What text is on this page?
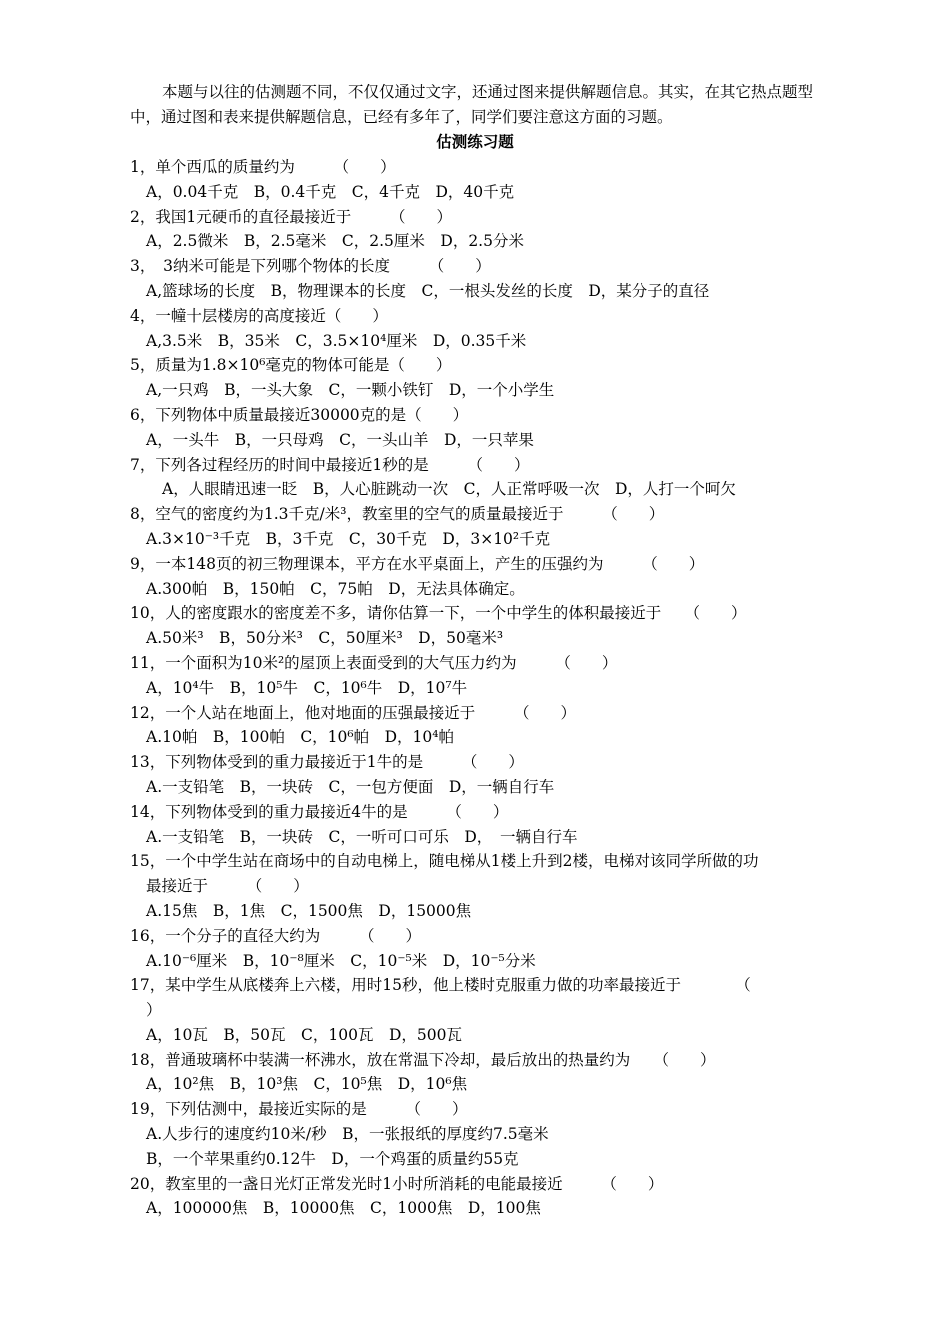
本题与以往的估测题不同，不仅仅通过文字，还通过图来提供解题信息。其实，在其它热点题型中，通过图和表来提供解题信息，已经有多年了，同学们要注意这方面的习题。
估测练习题
1，单个西瓜的质量约为　　　（　　）
A，0.04千克　B，0.4千克　C，4千克　D，40千克
2，我国1元硬币的直径最接近于　　　（　　）
A，2.5微米　B，2.5毫米　C，2.5厘米　D，2.5分米
3，　3纳米可能是下列哪个物体的长度　　　（　　）
A,篮球场的长度　B，物理课本的长度　C，一根头发丝的长度　D，某分子的直径
4，一幢十层楼房的高度接近（　　）
A,3.5米　B，35米　C，3.5×10⁴厘米　D，0.35千米
5，质量为1.8×10⁶毫克的物体可能是（　　）
A,一只鸡　B，一头大象　C，一颗小铁钉　D，一个小学生
6，下列物体中质量最接近30000克的是（　　）
A，一头牛　B，一只母鸡　C，一头山羊　D，一只苹果
7，下列各过程经历的时间中最接近1秒的是　　　（　　）
A，人眼睛迅速一眨　B，人心脏跳动一次　C，人正常呼吸一次　D，人打一个呵欠
8，空气的密度约为1.3千克/米³，教室里的空气的质量最接近于　　　（　　）
A.3×10⁻³千克　B，3千克　C，30千克　D，3×10²千克
9，一本148页的初三物理课本，平方在水平桌面上，产生的压强约为　　　（　　）
A.300帕　B，150帕　C，75帕　D，无法具体确定。
10，人的密度跟水的密度差不多，请你估算一下，一个中学生的体积最接近于　　（　　）
A.50米³　B，50分米³　C，50厘米³　D，50毫米³
11，一个面积为10米²的屋顶上表面受到的大气压力约为　　　（　　）
A，10⁴牛　B，10⁵牛　C，10⁶牛　D，10⁷牛
12，一个人站在地面上，他对地面的压强最接近于　　　（　　）
A.10帕　B，100帕　C，10⁶帕　D，10⁴帕
13，下列物体受到的重力最接近于1牛的是　　　（　　）
A.一支铅笔　B，一块砖　C，一包方便面　D，一辆自行车
14，下列物体受到的重力最接近4牛的是　　　（　　）
A.一支铅笔　B，一块砖　C，一听可口可乐　D，　一辆自行车
15，一个中学生站在商场中的自动电梯上，随电梯从1楼上升到2楼，电梯对该同学所做的功
最接近于　　　（　　）
A.15焦　B，1焦　C，1500焦　D，15000焦
16，一个分子的直径大约为　　　（　　）
A.10⁻⁶厘米　B，10⁻⁸厘米　C，10⁻⁵米　D，10⁻⁵分米
17，某中学生从底楼奔上六楼，用时15秒，他上楼时克服重力做的功率最接近于　　　　（
）
A，10瓦　B，50瓦　C，100瓦　D，500瓦
18，普通玻璃杯中装满一杯沸水，放在常温下冷却，最后放出的热量约为　　（　　）
A，10²焦　B，10³焦　C，10⁵焦　D，10⁶焦
19，下列估测中，最接近实际的是　　　（　　）
A.人步行的速度约10米/秒　B，一张报纸的厚度约7.5毫米
B，一个苹果重约0.12牛　D，一个鸡蛋的质量约55克
20，教室里的一盏日光灯正常发光时1小时所消耗的电能最接近　　　（　　）
A，100000焦　B，10000焦　C，1000焦　D，100焦
